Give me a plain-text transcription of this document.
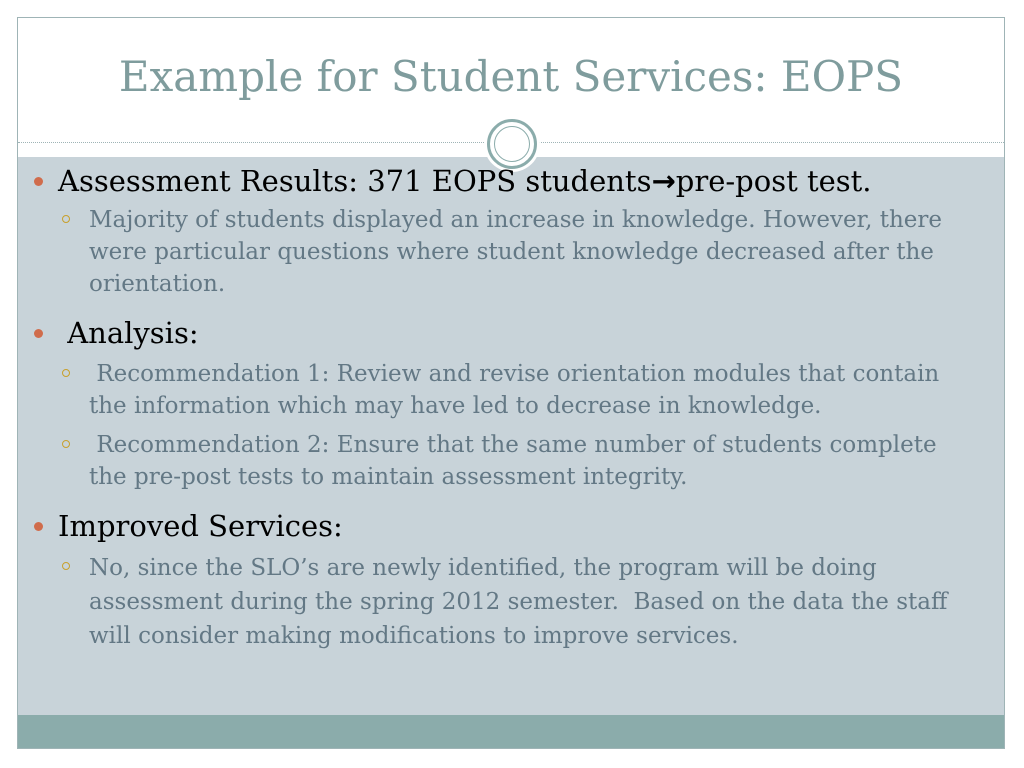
Example for Student Services: EOPS
Assessment Results: 371 EOPS students→pre-post test.
Majority of students displayed an increase in knowledge. However, there were particular questions where student knowledge decreased after the orientation.
Analysis:
Recommendation 1: Review and revise orientation modules that contain the information which may have led to decrease in knowledge.
Recommendation 2: Ensure that the same number of students complete the pre-post tests to maintain assessment integrity.
Improved Services:
No, since the SLO’s are newly identified, the program will be doing assessment during the spring 2012 semester.  Based on the data the staff will consider making modifications to improve services.
